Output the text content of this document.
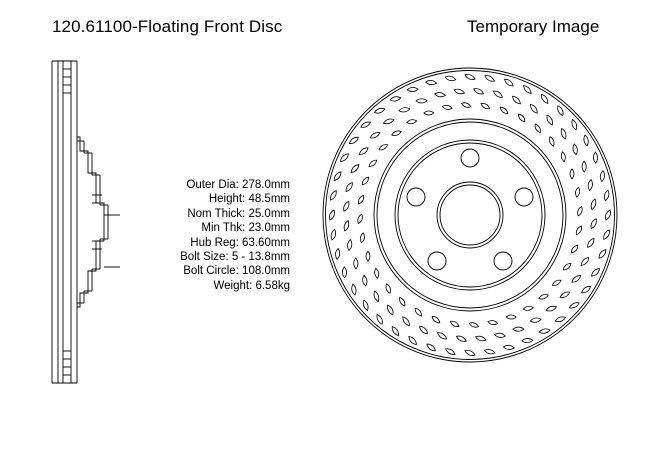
120.61100-Floating Front Disc	Temporary Image
Outer Dia: 278.0mm
Height: 48.5mm
Nom Thick: 25.0mm
Min Thk: 23.0mm
Hub Reg: 63.60mm
Bolt Size: 5 - 13.8mm
Bolt Circle: 108.0mm
Weight: 6.58kg
